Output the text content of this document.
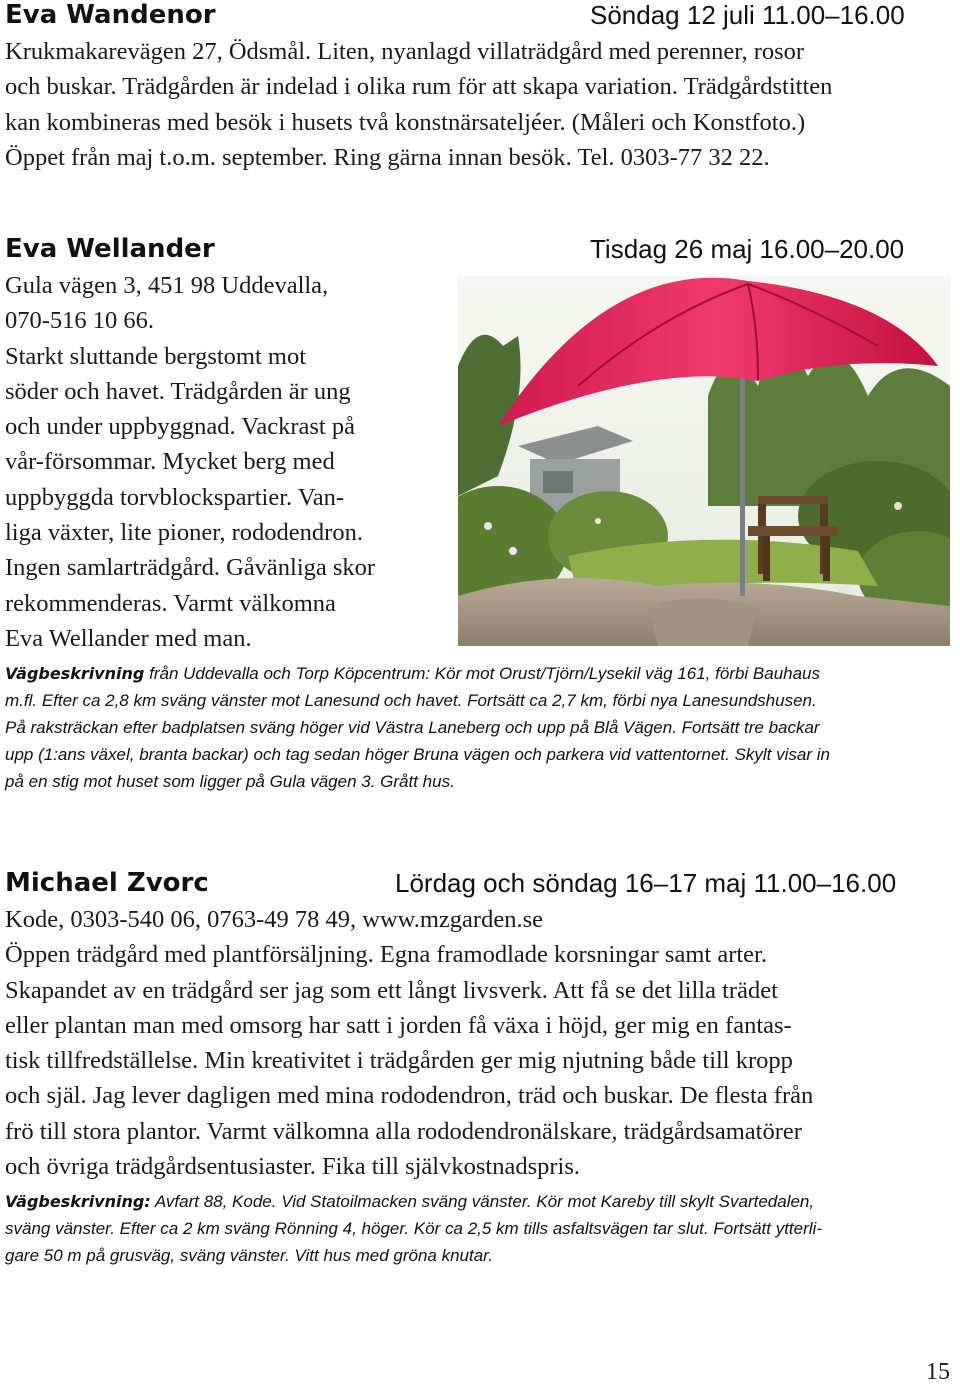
Eva Wandenor	Söndag 12 juli 11.00–16.00

Krukmakarevägen 27, Ödsmål. Liten, nyanlagd villaträdgård med perenner, rosor
och buskar. Trädgården är indelad i olika rum för att skapa variation. Trädgårdstitten
kan kombineras med besök i husets två konstnärsateljéer. (Måleri och Konstfoto.)
Öppet från maj t.o.m. september. Ring gärna innan besök. Tel. 0303-77 32 22.

Eva Wellander	Tisdag 26 maj 16.00–20.00

Gula vägen 3, 451 98 Uddevalla,
070-516 10 66.
Starkt sluttande bergstomt mot
söder och havet. Trädgården är ung
och under uppbyggnad. Vackrast på
vår-försommar. Mycket berg med
uppbyggda torvblockspartier. Van-
liga växter, lite pioner, rododendron.
Ingen samlarträdgård. Gåvänliga skor
rekommenderas. Varmt välkomna
Eva Wellander med man.

Vägbeskrivning från Uddevalla och Torp Köpcentrum: Kör mot Orust/Tjörn/Lysekil väg 161, förbi Bauhaus
m.fl. Efter ca 2,8 km sväng vänster mot Lanesund och havet. Fortsätt ca 2,7 km, förbi nya Lanesundshusen.
På raksträckan efter badplatsen sväng höger vid Västra Laneberg och upp på Blå Vägen. Fortsätt tre backar
upp (1:ans växel, branta backar) och tag sedan höger Bruna vägen och parkera vid vattentornet. Skylt visar in
på en stig mot huset som ligger på Gula vägen 3. Grått hus.
Michael Zvorc	Lördag och söndag 16–17 maj 11.00–16.00

Kode, 0303-540 06, 0763-49 78 49, www.mzgarden.se
Öppen trädgård med plantförsäljning. Egna framodlade korsningar samt arter.
Skapandet av en trädgård ser jag som ett långt livsverk. Att få se det lilla trädet
eller plantan man med omsorg har satt i jorden få växa i höjd, ger mig en fantas-
tisk tillfredställelse. Min kreativitet i trädgården ger mig njutning både till kropp
och själ. Jag lever dagligen med mina rododendron, träd och buskar. De flesta från
frö till stora plantor. Varmt välkomna alla rododendronälskare, trädgårdsamatörer
och övriga trädgårdsentusiaster. Fika till självkostnadspris.

Vägbeskrivning: Avfart 88, Kode. Vid Statoilmacken sväng vänster. Kör mot Kareby till skylt Svartedalen,
sväng vänster. Efter ca 2 km sväng Rönning 4, höger. Kör ca 2,5 km tills asfaltsvägen tar slut. Fortsätt ytterli-
gare 50 m på grusväg, sväng vänster. Vitt hus med gröna knutar.
15
